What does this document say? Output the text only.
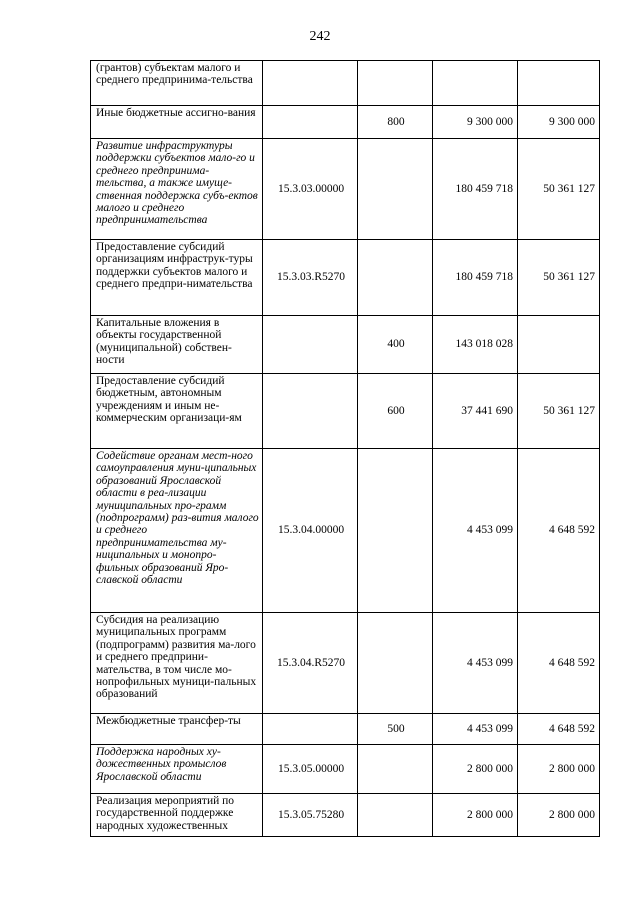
242
(грантов) субъектам малого и среднего предпринима-тельства				
Иные бюджетные ассигно-вания		800	9 300 000	9 300 000
Развитие инфраструктуры поддержки субъектов мало-го и среднего предпринима-тельства, а также имуще-ственная поддержка субъ-ектов малого и среднего предпринимательства	15.3.03.00000		180 459 718	50 361 127
Предоставление субсидий организациям инфраструк-туры поддержки субъектов малого и среднего предпри-нимательства	15.3.03.R5270		180 459 718	50 361 127
Капитальные вложения в объекты государственной (муниципальной) собствен-ности		400	143 018 028	
Предоставление субсидий бюджетным, автономным учреждениям и иным не-коммерческим организаци-ям		600	37 441 690	50 361 127
Содействие органам мест-ного самоуправления муни-ципальных образований Ярославской области в реа-лизации муниципальных про-грамм (подпрограмм) раз-вития малого и среднего предпринимательства му-ниципальных и монопро-фильных образований Яро-славской области	15.3.04.00000		4 453 099	4 648 592
Субсидия на реализацию муниципальных программ (подпрограмм) развития ма-лого и среднего предприни-мательства, в том числе мо-нопрофильных муници-пальных образований	15.3.04.R5270		4 453 099	4 648 592
Межбюджетные трансфер-ты		500	4 453 099	4 648 592
Поддержка народных ху-дожественных промыслов Ярославской области	15.3.05.00000		2 800 000	2 800 000
Реализация мероприятий по государственной поддержке народных художественных	15.3.05.75280		2 800 000	2 800 000
